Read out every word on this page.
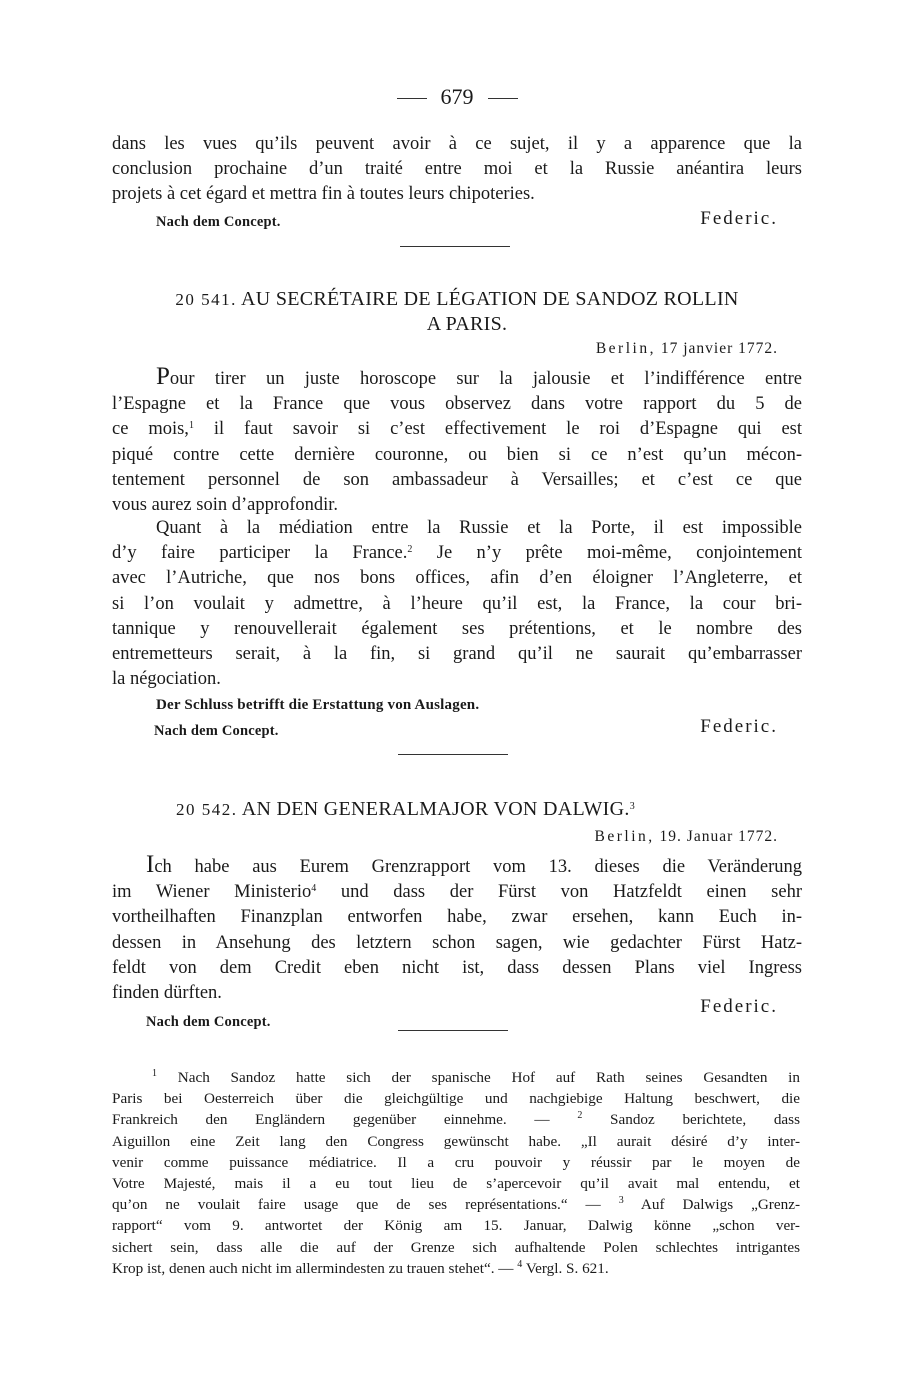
679
dans les vues qu’ils peuvent avoir à ce sujet, il y a apparence que la
conclusion prochaine d’un traité entre moi et la Russie anéantira leurs
projets à cet égard et mettra fin à toutes leurs chipoteries.
Nach dem Concept.	Federic.
20 541. AU SECRÉTAIRE DE LÉGATION DE SANDOZ ROLLIN
A PARIS.
Berlin, 17 janvier 1772.
Pour tirer un juste horoscope sur la jalousie et l’indifférence entre
l’Espagne et la France que vous observez dans votre rapport du 5 de
ce mois,$^1$ il faut savoir si c’est effectivement le roi d’Espagne qui est
piqué contre cette dernière couronne, ou bien si ce n’est qu’un mécon-
tentement personnel de son ambassadeur à Versailles; et c’est ce que
vous aurez soin d’approfondir.
Quant à la médiation entre la Russie et la Porte, il est impossible
d’y faire participer la France.$^2$ Je n’y prête moi-même, conjointement
avec l’Autriche, que nos bons offices, afin d’en éloigner l’Angleterre, et
si l’on voulait y admettre, à l’heure qu’il est, la France, la cour bri-
tannique y renouvellerait également ses prétentions, et le nombre des
entremetteurs serait, à la fin, si grand qu’il ne saurait qu’embarrasser
la négociation.
Der Schluss betrifft die Erstattung von Auslagen.
Nach dem Concept.	Federic.
20 542. AN DEN GENERALMAJOR VON DALWIG.$^3$
Berlin, 19. Januar 1772.
Ich habe aus Eurem Grenzrapport vom 13. dieses die Veränderung
im Wiener Ministerio$^4$ und dass der Fürst von Hatzfeldt einen sehr
vortheilhaften Finanzplan entworfen habe, zwar ersehen, kann Euch in-
dessen in Ansehung des letztern schon sagen, wie gedachter Fürst Hatz-
feldt von dem Credit eben nicht ist, dass dessen Plans viel Ingress
finden dürften.
Federic.
Nach dem Concept.
$^1$ Nach Sandoz hatte sich der spanische Hof auf Rath seines Gesandten in
Paris bei Oesterreich über die gleichgültige und nachgiebige Haltung beschwert, die
Frankreich den Engländern gegenüber einnehme. —	$^2$ Sandoz berichtete, dass
Aiguillon eine Zeit lang den Congress gewünscht habe. „Il aurait désiré d’y inter-
venir comme puissance médiatrice. Il a cru pouvoir y réussir par le moyen de
Votre Majesté, mais il a eu tout lieu de s’apercevoir qu’il avait mal entendu, et
qu’on ne voulait faire usage que de ses représentations.“ — $^3$ Auf Dalwigs „Grenz-
rapport“ vom 9. antwortet der König am 15. Januar, Dalwig könne „schon ver-
sichert sein, dass alle die auf der Grenze sich aufhaltende Polen schlechtes intrigantes
Krop ist, denen auch nicht im allermindesten zu trauen stehet“. — $^4$ Vergl. S. 621.
